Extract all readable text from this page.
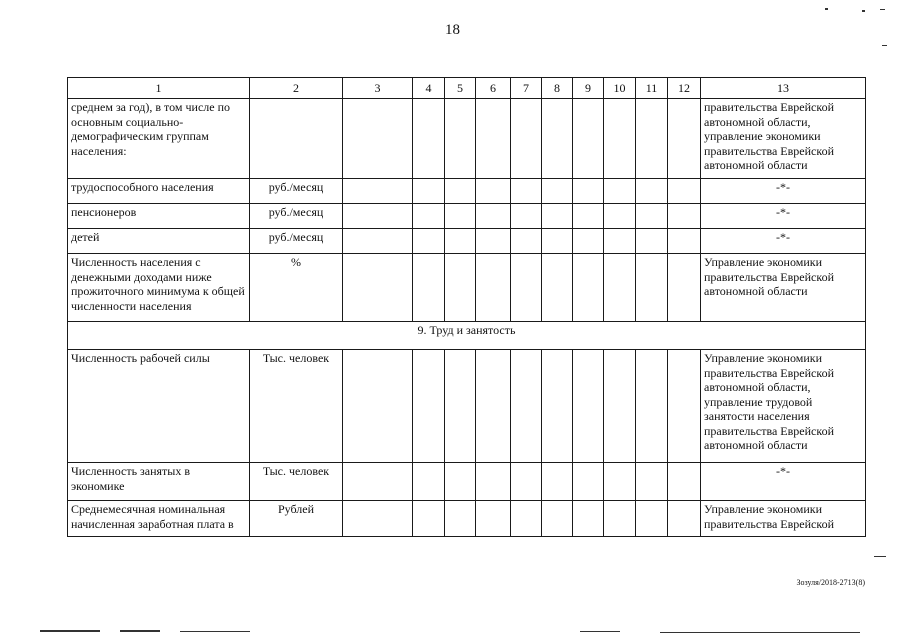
18
1	2	3	4	5	6	7	8	9	10	11	12	13
среднем за год), в том числе по основным социально-демографическим группам населения:												правительства Еврейской автономной области, управление экономики правительства Еврейской автономной области
трудоспособного населения	руб./месяц											-*-
пенсионеров	руб./месяц											-*-
детей	руб./месяц											-*-
Численность населения с денежными доходами ниже прожиточного минимума к общей численности населения	%											Управление экономики правительства Еврейской автономной области
9. Труд и занятость												
Численность рабочей силы	Тыс. человек											Управление экономики правительства Еврейской автономной области, управление трудовой занятости населения правительства Еврейской автономной области
Численность занятых в экономике	Тыс. человек											-*-
Среднемесячная номинальная начисленная заработная плата в	Рублей											Управление экономики правительства Еврейской
Зозуля/2018-2713(8)
